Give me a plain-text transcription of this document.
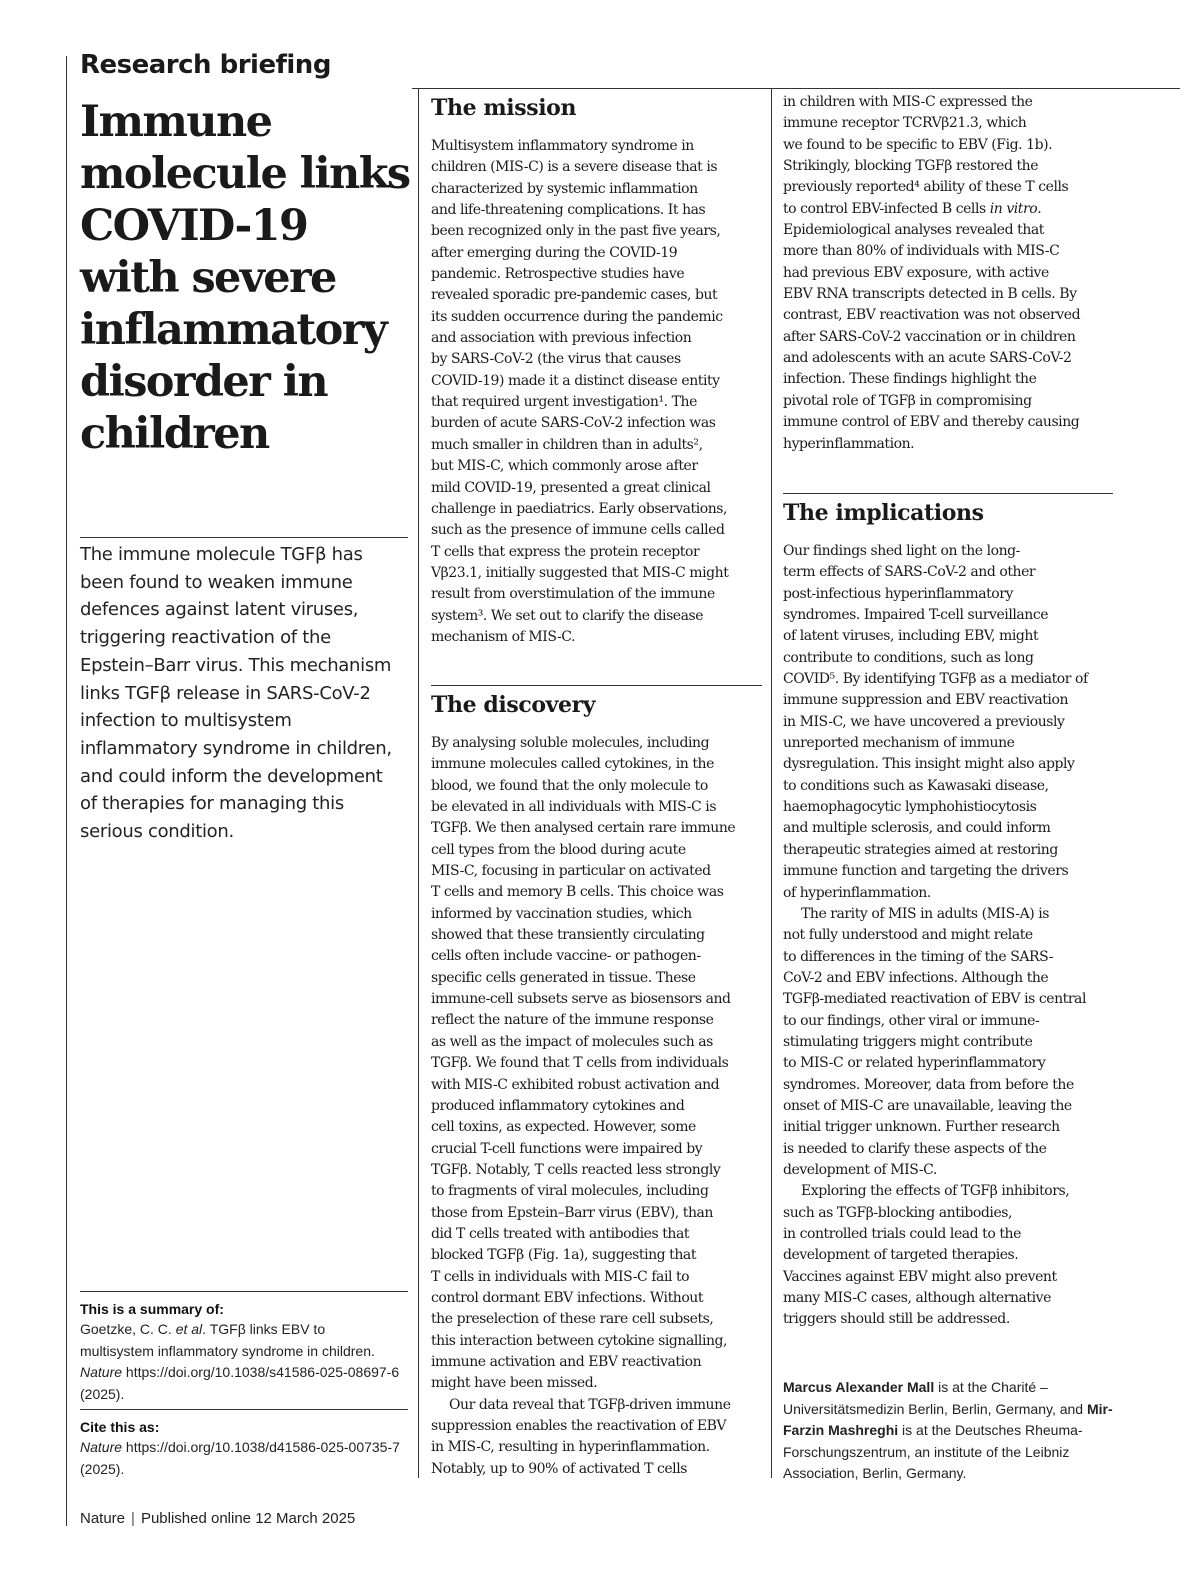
Research briefing
Immune molecule links COVID-19 with severe inflammatory disorder in children

The immune molecule TGFβ has been found to weaken immune defences against latent viruses, triggering reactivation of the Epstein–Barr virus. This mechanism links TGFβ release in SARS-CoV-2 infection to multisystem inflammatory syndrome in children, and could inform the development of therapies for managing this serious condition.

This is a summary of:
Goetzke, C. C. et al. TGFβ links EBV to multisystem inflammatory syndrome in children. Nature https://doi.org/10.1038/s41586-025-08697-6 (2025).
Cite this as:
Nature https://doi.org/10.1038/d41586-025-00735-7 (2025).
The mission
Multisystem inflammatory syndrome in
children (MIS-C) is a severe disease that is
characterized by systemic inflammation
and life-threatening complications. It has
been recognized only in the past five years,
after emerging during the COVID-19
pandemic. Retrospective studies have
revealed sporadic pre-pandemic cases, but
its sudden occurrence during the pandemic
and association with previous infection
by SARS-CoV-2 (the virus that causes
COVID-19) made it a distinct disease entity
that required urgent investigation¹. The
burden of acute SARS-CoV-2 infection was
much smaller in children than in adults²,
but MIS-C, which commonly arose after
mild COVID-19, presented a great clinical
challenge in paediatrics. Early observations,
such as the presence of immune cells called
T cells that express the protein receptor
Vβ23.1, initially suggested that MIS-C might
result from overstimulation of the immune
system³. We set out to clarify the disease
mechanism of MIS-C.
The discovery
By analysing soluble molecules, including
immune molecules called cytokines, in the
blood, we found that the only molecule to
be elevated in all individuals with MIS-C is
TGFβ. We then analysed certain rare immune
cell types from the blood during acute
MIS-C, focusing in particular on activated
T cells and memory B cells. This choice was
informed by vaccination studies, which
showed that these transiently circulating
cells often include vaccine- or pathogen-
specific cells generated in tissue. These
immune-cell subsets serve as biosensors and
reflect the nature of the immune response
as well as the impact of molecules such as
TGFβ. We found that T cells from individuals
with MIS-C exhibited robust activation and
produced inflammatory cytokines and
cell toxins, as expected. However, some
crucial T-cell functions were impaired by
TGFβ. Notably, T cells reacted less strongly
to fragments of viral molecules, including
those from Epstein–Barr virus (EBV), than
did T cells treated with antibodies that
blocked TGFβ (Fig. 1a), suggesting that
T cells in individuals with MIS-C fail to
control dormant EBV infections. Without
the preselection of these rare cell subsets,
this interaction between cytokine signalling,
immune activation and EBV reactivation
might have been missed.
Our data reveal that TGFβ-driven immune
suppression enables the reactivation of EBV
in MIS-C, resulting in hyperinflammation.
Notably, up to 90% of activated T cells
in children with MIS-C expressed the
immune receptor TCRVβ21.3, which
we found to be specific to EBV (Fig. 1b).
Strikingly, blocking TGFβ restored the
previously reported⁴ ability of these T cells
to control EBV-infected B cells in vitro.
Epidemiological analyses revealed that
more than 80% of individuals with MIS-C
had previous EBV exposure, with active
EBV RNA transcripts detected in B cells. By
contrast, EBV reactivation was not observed
after SARS-CoV-2 vaccination or in children
and adolescents with an acute SARS-CoV-2
infection. These findings highlight the
pivotal role of TGFβ in compromising
immune control of EBV and thereby causing
hyperinflammation.
The implications
Our findings shed light on the long-
term effects of SARS-CoV-2 and other
post-infectious hyperinflammatory
syndromes. Impaired T-cell surveillance
of latent viruses, including EBV, might
contribute to conditions, such as long
COVID⁵. By identifying TGFβ as a mediator of
immune suppression and EBV reactivation
in MIS-C, we have uncovered a previously
unreported mechanism of immune
dysregulation. This insight might also apply
to conditions such as Kawasaki disease,
haemophagocytic lymphohistiocytosis
and multiple sclerosis, and could inform
therapeutic strategies aimed at restoring
immune function and targeting the drivers
of hyperinflammation.
The rarity of MIS in adults (MIS-A) is
not fully understood and might relate
to differences in the timing of the SARS-
CoV-2 and EBV infections. Although the
TGFβ-mediated reactivation of EBV is central
to our findings, other viral or immune-
stimulating triggers might contribute
to MIS-C or related hyperinflammatory
syndromes. Moreover, data from before the
onset of MIS-C are unavailable, leaving the
initial trigger unknown. Further research
is needed to clarify these aspects of the
development of MIS-C.
Exploring the effects of TGFβ inhibitors,
such as TGFβ-blocking antibodies,
in controlled trials could lead to the
development of targeted therapies.
Vaccines against EBV might also prevent
many MIS-C cases, although alternative
triggers should still be addressed.
Marcus Alexander Mall is at the Charité – Universitätsmedizin Berlin, Berlin, Germany, and Mir-Farzin Mashreghi is at the Deutsches Rheuma-Forschungszentrum, an institute of the Leibniz Association, Berlin, Germany.
Nature | Published online 12 March 2025
